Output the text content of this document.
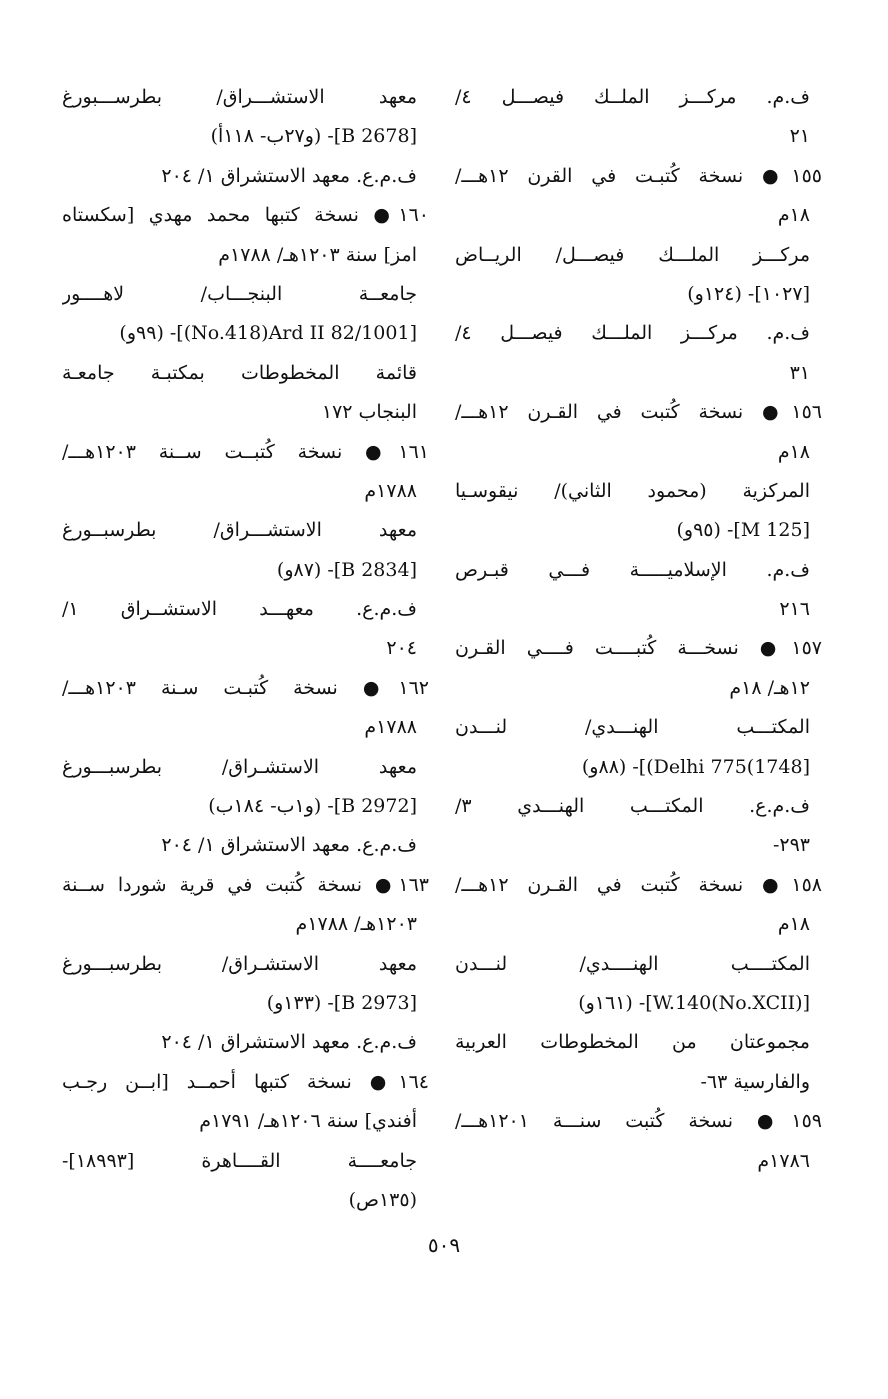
ف.م. مركـــز الملــك فيصـــل ٤/
٢١
١٥٥● نسخة كُتبـت في القرن ١٢هـــ/
١٨م
مركـــز الملـــك فيصـــل/ الريــاض
[١٠٢٧]- (١٢٤و)
ف.م. مركـــز الملـــك فيصـــل ٤/
٣١
١٥٦● نسخة كُتبت في القـرن ١٢هـــ/
١٨م
المركزية (محمود الثاني)/ نيقوسـيا
[M 125]- (٩٥و)
ف.م. الإسلاميـــــة فـــي قبـرص
٢١٦
١٥٧● نسخـــة كُتبــــت فــــي القـرن
١٢هـ/ ١٨م
المكتـــب الهنـــدي/ لنـــدن
[1748)Delhi 775)]- (٨٨و)
ف.م.ع. المكتـــب الهنـــدي ٣/
٢٩٣-
١٥٨● نسخة كُتبت في القـرن ١٢هـــ/
١٨م
المكتــــب الهنــــدي/ لنـــدن
[W.140(No.XCII)]- (١٦١و)
مجموعتان من المخطوطات العربية
والفارسية ٦٣-
١٥٩● نسخة كُتبت سنـــة ١٢٠١هـــ/
١٧٨٦م
معهد الاستشـــراق/ بطرســـبورغ
[B 2678]- (و٢٧ب- ١١٨أ)
ف.م.ع. معهد الاستشراق ١/ ٢٠٤
١٦٠● نسخة كتبها محمد مهدي [سكستاه
امز] سنة ١٢٠٣هـ/ ١٧٨٨م
جامعــة البنجـــاب/ لاهــــور
[No.418)Ard II 82/1001)]- (٩٩و)
قائمة المخطوطات بمكتبـة جامعـة
البنجاب ١٧٢
١٦١● نسخة كُتبــت ســنة ١٢٠٣هـــ/
١٧٨٨م
معهد الاستشـــراق/ بطرسبــورغ
[B 2834]- (٨٧و)
ف.م.ع. معهـــد الاستشــراق ١/
٢٠٤
١٦٢● نسخة كُتبـت سـنة ١٢٠٣هـــ/
١٧٨٨م
معهد الاستشـراق/ بطرسبـــورغ
[B 2972]- (و١ب- ١٨٤ب)
ف.م.ع. معهد الاستشراق ١/ ٢٠٤
١٦٣● نسخة كُتبت في قرية شوردا ســنة
١٢٠٣هـ/ ١٧٨٨م
معهد الاستشـراق/ بطرسبـــورغ
[B 2973]- (١٣٣و)
ف.م.ع. معهد الاستشراق ١/ ٢٠٤
١٦٤● نسخة كتبها أحمــد [ابــن رجـب
أفندي] سنة ١٢٠٦هـ/ ١٧٩١م
جامعــــة القــــاهرة [١٨٩٩٣]-
(١٣٥ص)
٥٠٩
